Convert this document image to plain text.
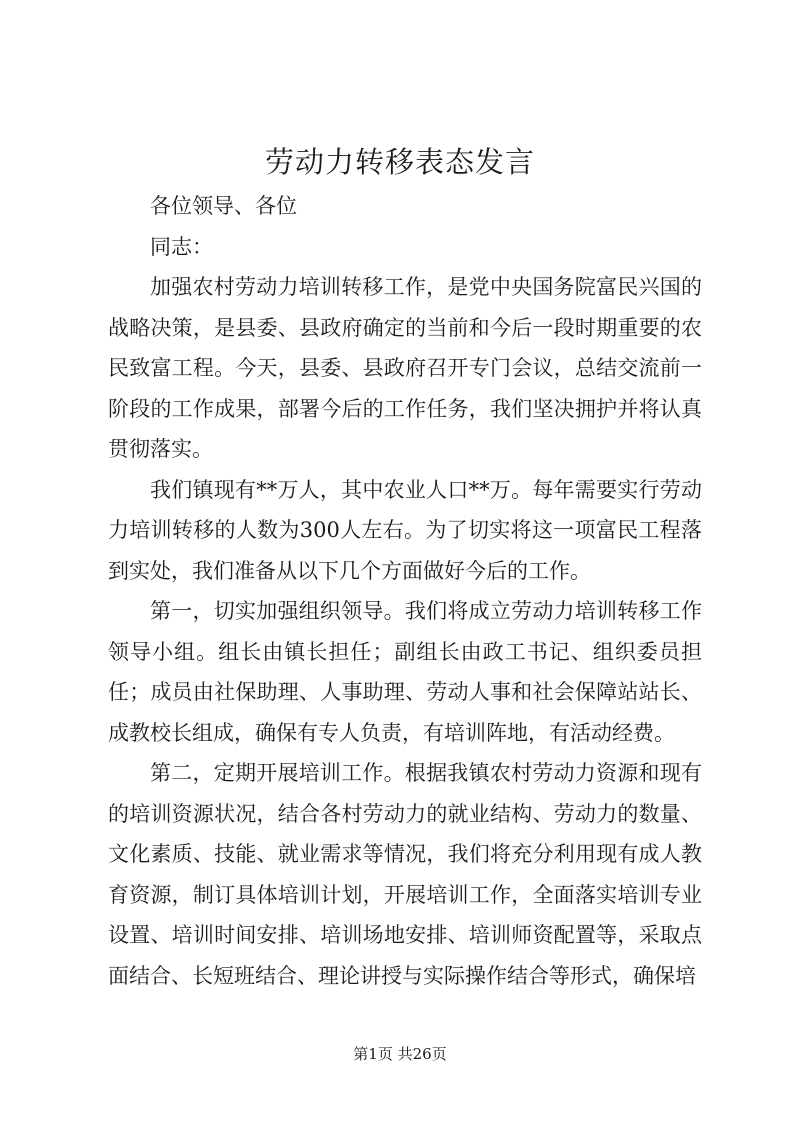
劳动力转移表态发言

各位领导、各位

同志：

加强农村劳动力培训转移工作，是党中央国务院富民兴国的战略决策，是县委、县政府确定的当前和今后一段时期重要的农民致富工程。今天，县委、县政府召开专门会议，总结交流前一阶段的工作成果，部署今后的工作任务，我们坚决拥护并将认真贯彻落实。

我们镇现有**万人，其中农业人口**万。每年需要实行劳动力培训转移的人数为300人左右。为了切实将这一项富民工程落到实处，我们准备从以下几个方面做好今后的工作。

第一，切实加强组织领导。我们将成立劳动力培训转移工作领导小组。组长由镇长担任；副组长由政工书记、组织委员担任；成员由社保助理、人事助理、劳动人事和社会保障站站长、成教校长组成，确保有专人负责，有培训阵地，有活动经费。

第二，定期开展培训工作。根据我镇农村劳动力资源和现有的培训资源状况，结合各村劳动力的就业结构、劳动力的数量、文化素质、技能、就业需求等情况，我们将充分利用现有成人教育资源，制订具体培训计划，开展培训工作，全面落实培训专业设置、培训时间安排、培训场地安排、培训师资配置等，采取点面结合、长短班结合、理论讲授与实际操作结合等形式，确保培

第1页 共26页
